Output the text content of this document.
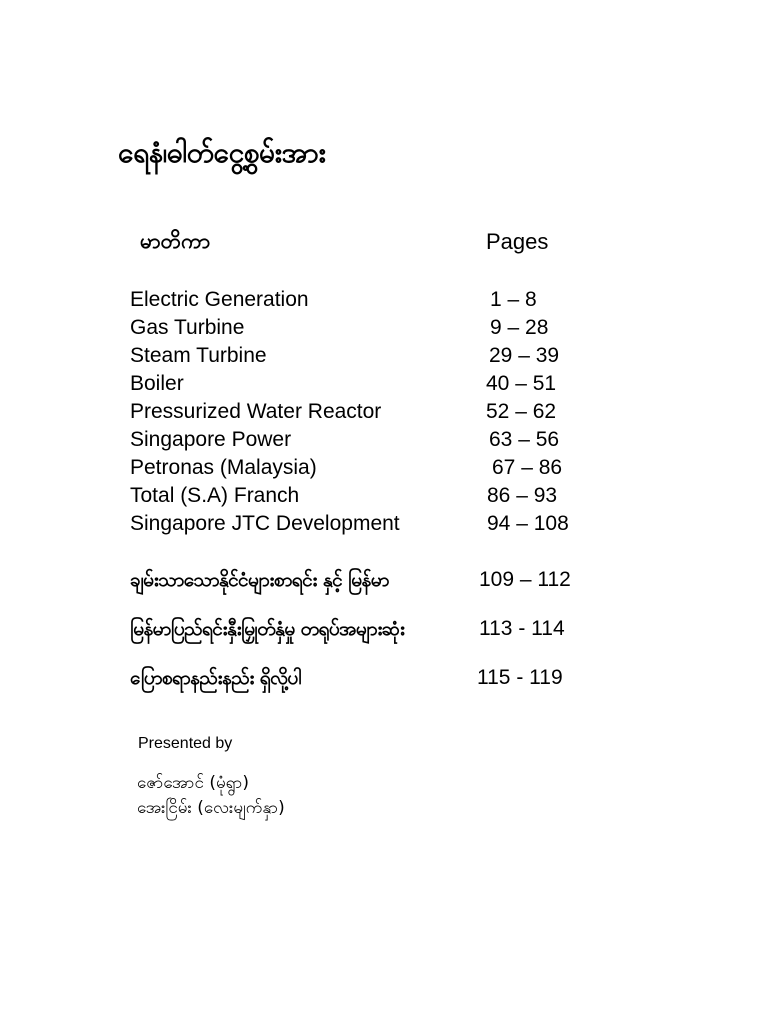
ရေနံ၊ဓါတ်ငွေ့စွမ်းအား
မာတိကာ	Pages
Electric Generation	1 – 8
Gas Turbine	9 – 28
Steam Turbine	29 – 39
Boiler	40 – 51
Pressurized Water Reactor	52 – 62
Singapore Power	63 – 56
Petronas (Malaysia)	67 – 86
Total (S.A) Franch	86 – 93
Singapore JTC Development	94 – 108
ချမ်းသာသောနိုင်ငံများစာရင်း နှင့် မြန်မာ	109 – 112
မြန်မာပြည်ရင်းနှီးမြှုတ်နှံမှု တရုပ်အများဆုံး	113 - 114
ပြောစရာနည်းနည်း ရှိလို့ပါ	115 - 119
Presented by
ဇော်အောင် (မုံရွာ)
အေးငြိမ်း (လေးမျက်နှာ)
